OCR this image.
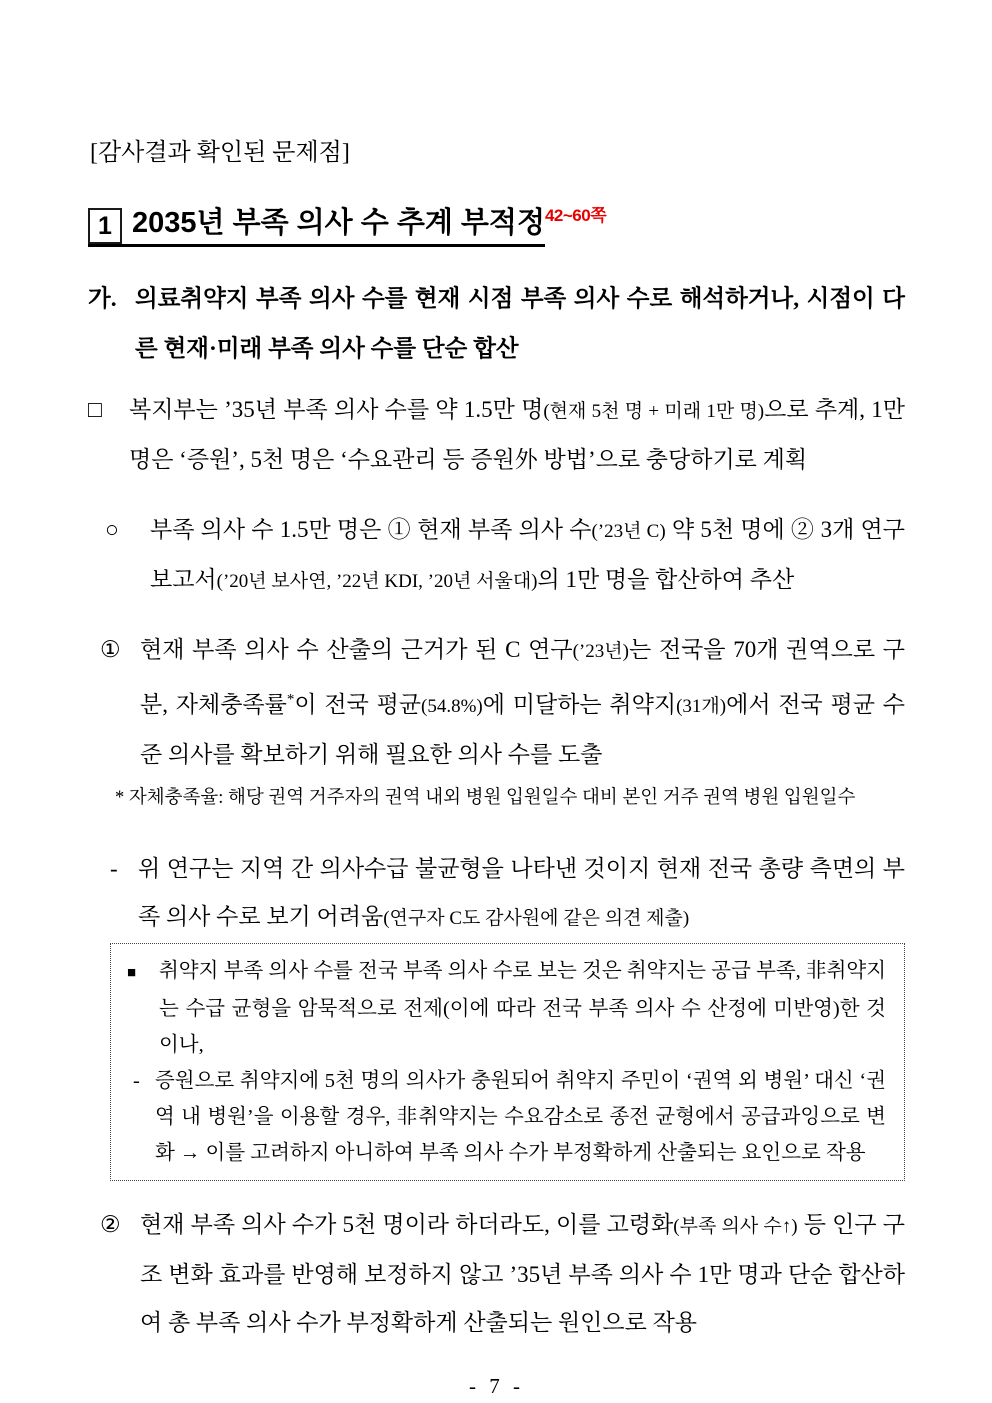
[감사결과 확인된 문제점]
1 2035년 부족 의사 수 추계 부적정$^{42\sim 60쪽}$
가. 의료취약지 부족 의사 수를 현재 시점 부족 의사 수로 해석하거나, 시점이 다른 현재·미래 부족 의사 수를 단순 합산
□ 복지부는 ’35년 부족 의사 수를 약 1.5만 명(현재 5천 명 + 미래 1만 명)으로 추계, 1만 명은 ‘증원’, 5천 명은 ‘수요관리 등 증원外 방법’으로 충당하기로 계획
○ 부족 의사 수 1.5만 명은 ① 현재 부족 의사 수(’23년 C) 약 5천 명에 ② 3개 연구보고서(’20년 보사연, ’22년 KDI, ’20년 서울대)의 1만 명을 합산하여 추산
① 현재 부족 의사 수 산출의 근거가 된 C 연구(’23년)는 전국을 70개 권역으로 구분, 자체충족률*이 전국 평균(54.8%)에 미달하는 취약지(31개)에서 전국 평균 수준 의사를 확보하기 위해 필요한 의사 수를 도출
* 자체충족율: 해당 권역 거주자의 권역 내외 병원 입원일수 대비 본인 거주 권역 병원 입원일수
- 위 연구는 지역 간 의사수급 불균형을 나타낸 것이지 현재 전국 총량 측면의 부족 의사 수로 보기 어려움(연구자 C도 감사원에 같은 의견 제출)
■ 취약지 부족 의사 수를 전국 부족 의사 수로 보는 것은 취약지는 공급 부족, 非취약지는 수급 균형을 암묵적으로 전제(이에 따라 전국 부족 의사 수 산정에 미반영)한 것이나,
- 증원으로 취약지에 5천 명의 의사가 충원되어 취약지 주민이 ‘권역 외 병원’ 대신 ‘권역 내 병원’을 이용할 경우, 非취약지는 수요감소로 종전 균형에서 공급과잉으로 변화 → 이를 고려하지 아니하여 부족 의사 수가 부정확하게 산출되는 요인으로 작용
② 현재 부족 의사 수가 5천 명이라 하더라도, 이를 고령화(부족 의사 수↑) 등 인구 구조 변화 효과를 반영해 보정하지 않고 ’35년 부족 의사 수 1만 명과 단순 합산하여 총 부족 의사 수가 부정확하게 산출되는 원인으로 작용
- 7 -
